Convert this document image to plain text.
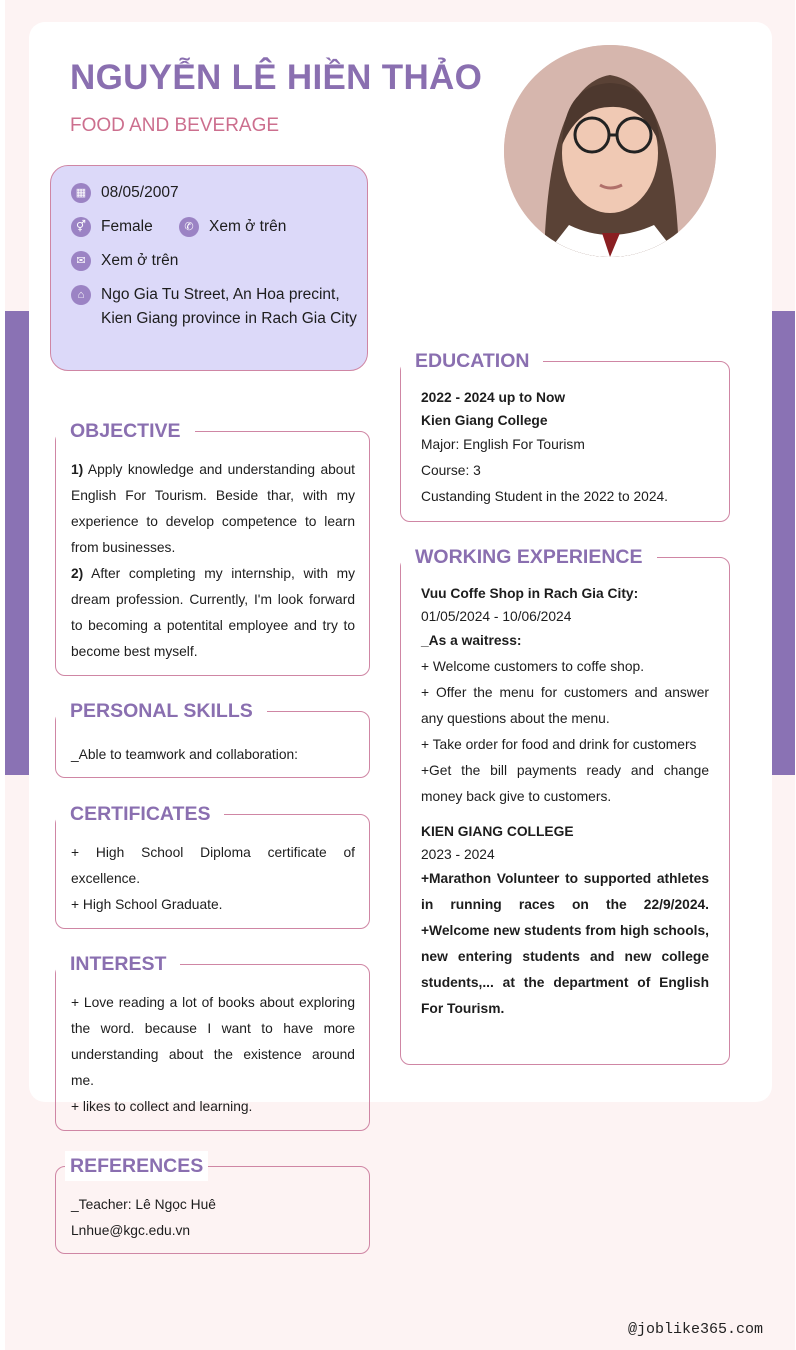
NGUYỄN LÊ HIỀN THẢO
FOOD AND BEVERAGE
▦ 08/05/2007
⚥ Female	✆ Xem ở trên
✉ Xem ở trên
⌂	Ngo Gia Tu Street, An Hoa precint, Kien Giang province in Rach Gia City
OBJECTIVE
1) Apply knowledge and understanding about English For Tourism. Beside thar, with my experience to develop competence to learn from businesses.
2) After completing my internship, with my dream profession. Currently, I'm look forward to becoming a potentital employee and try to become best myself.
PERSONAL SKILLS
_Able to teamwork and collaboration:
CERTIFICATES
+ High School Diploma certificate of excellence.
+ High School Graduate.
INTEREST
+ Love reading a lot of books about exploring the word. because I want to have more understanding about the existence around me.
+ likes to collect and learning.
REFERENCES
_Teacher: Lê Ngọc Huê
Lnhue@kgc.edu.vn
EDUCATION
2022 - 2024 up to Now
Kien Giang College
Major: English For Tourism
Course: 3
Custanding Student in the 2022 to 2024.
WORKING EXPERIENCE
Vuu Coffe Shop in Rach Gia City:
01/05/2024 - 10/06/2024
_As a waitress:
+ Welcome customers to coffe shop.
+ Offer the menu for customers and answer any questions about the menu.
+ Take order for food and drink for customers
+Get the bill payments ready and change money back give to customers.
KIEN GIANG COLLEGE
2023 - 2024
+Marathon Volunteer to supported athletes in running races on the 22/9/2024. +Welcome new students from high schools, new entering students and new college students,... at the department of English For Tourism.
@joblike365.com
